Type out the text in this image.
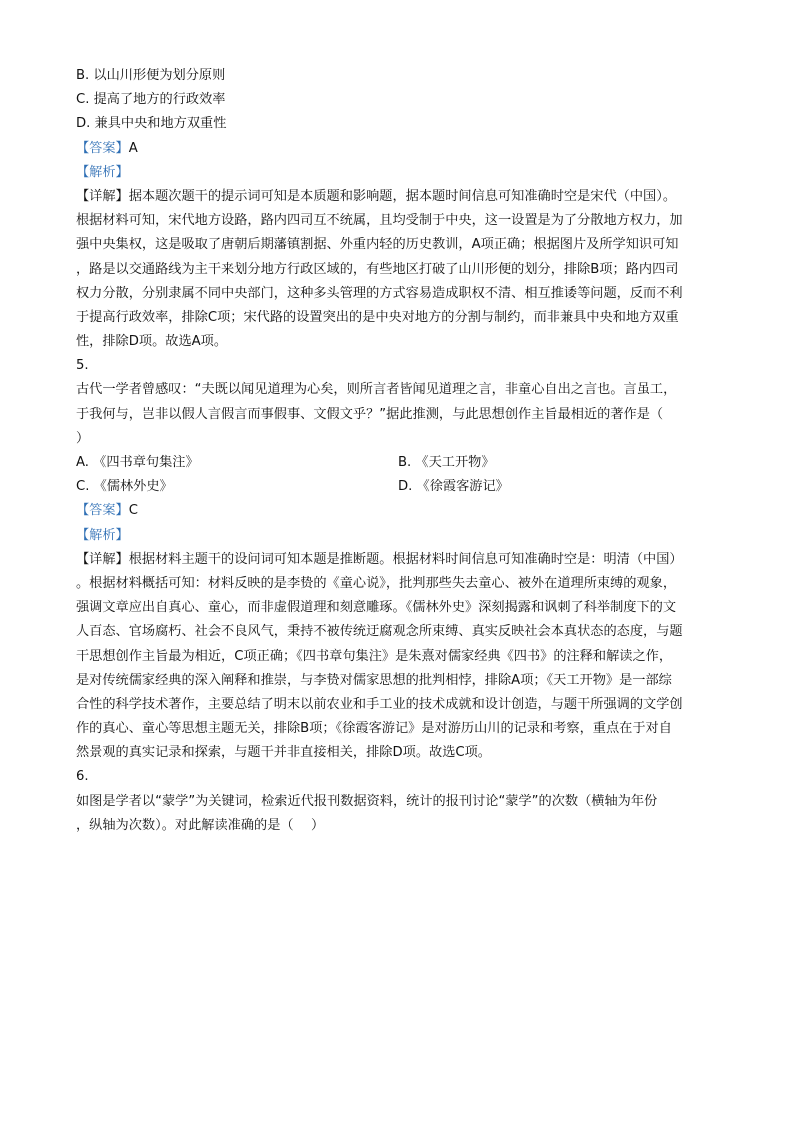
B. 以山川形便为划分原则
C. 提高了地方的行政效率
D. 兼具中央和地方双重性
【答案】A
【解析】
【详解】据本题次题干的提示词可知是本质题和影响题，据本题时间信息可知准确时空是宋代（中国）。
根据材料可知，宋代地方设路，路内四司互不统属，且均受制于中央，这一设置是为了分散地方权力，加
强中央集权，这是吸取了唐朝后期藩镇割据、外重内轻的历史教训，A项正确；根据图片及所学知识可知
，路是以交通路线为主干来划分地方行政区域的，有些地区打破了山川形便的划分，排除B项；路内四司
权力分散，分别隶属不同中央部门，这种多头管理的方式容易造成职权不清、相互推诿等问题，反而不利
于提高行政效率，排除C项；宋代路的设置突出的是中央对地方的分割与制约，而非兼具中央和地方双重
性，排除D项。故选A项。
5.
古代一学者曾感叹：“夫既以闻见道理为心矣，则所言者皆闻见道理之言，非童心自出之言也。言虽工，
于我何与，岂非以假人言假言而事假事、文假文乎？”据此推测，与此思想创作主旨最相近的著作是（
）
A. 《四书章句集注》	B. 《天工开物》
C. 《儒林外史》	D. 《徐霞客游记》
【答案】C
【解析】
【详解】根据材料主题干的设问词可知本题是推断题。根据材料时间信息可知准确时空是：明清（中国）
。根据材料概括可知：材料反映的是李贽的《童心说》，批判那些失去童心、被外在道理所束缚的观象，
强调文章应出自真心、童心，而非虚假道理和刻意雕琢。《儒林外史》深刻揭露和讽刺了科举制度下的文
人百态、官场腐朽、社会不良风气，秉持不被传统迂腐观念所束缚、真实反映社会本真状态的态度，与题
干思想创作主旨最为相近，C项正确；《四书章句集注》是朱熹对儒家经典《四书》的注释和解读之作，
是对传统儒家经典的深入阐释和推崇，与李贽对儒家思想的批判相悖，排除A项；《天工开物》是一部综
合性的科学技术著作，主要总结了明末以前农业和手工业的技术成就和设计创造，与题干所强调的文学创
作的真心、童心等思想主题无关，排除B项；《徐霞客游记》是对游历山川的记录和考察，重点在于对自
然景观的真实记录和探索，与题干并非直接相关，排除D项。故选C项。
6.
如图是学者以“蒙学”为关键词，检索近代报刊数据资料，统计的报刊讨论“蒙学”的次数（横轴为年份
，纵轴为次数）。对此解读准确的是（　 ）
